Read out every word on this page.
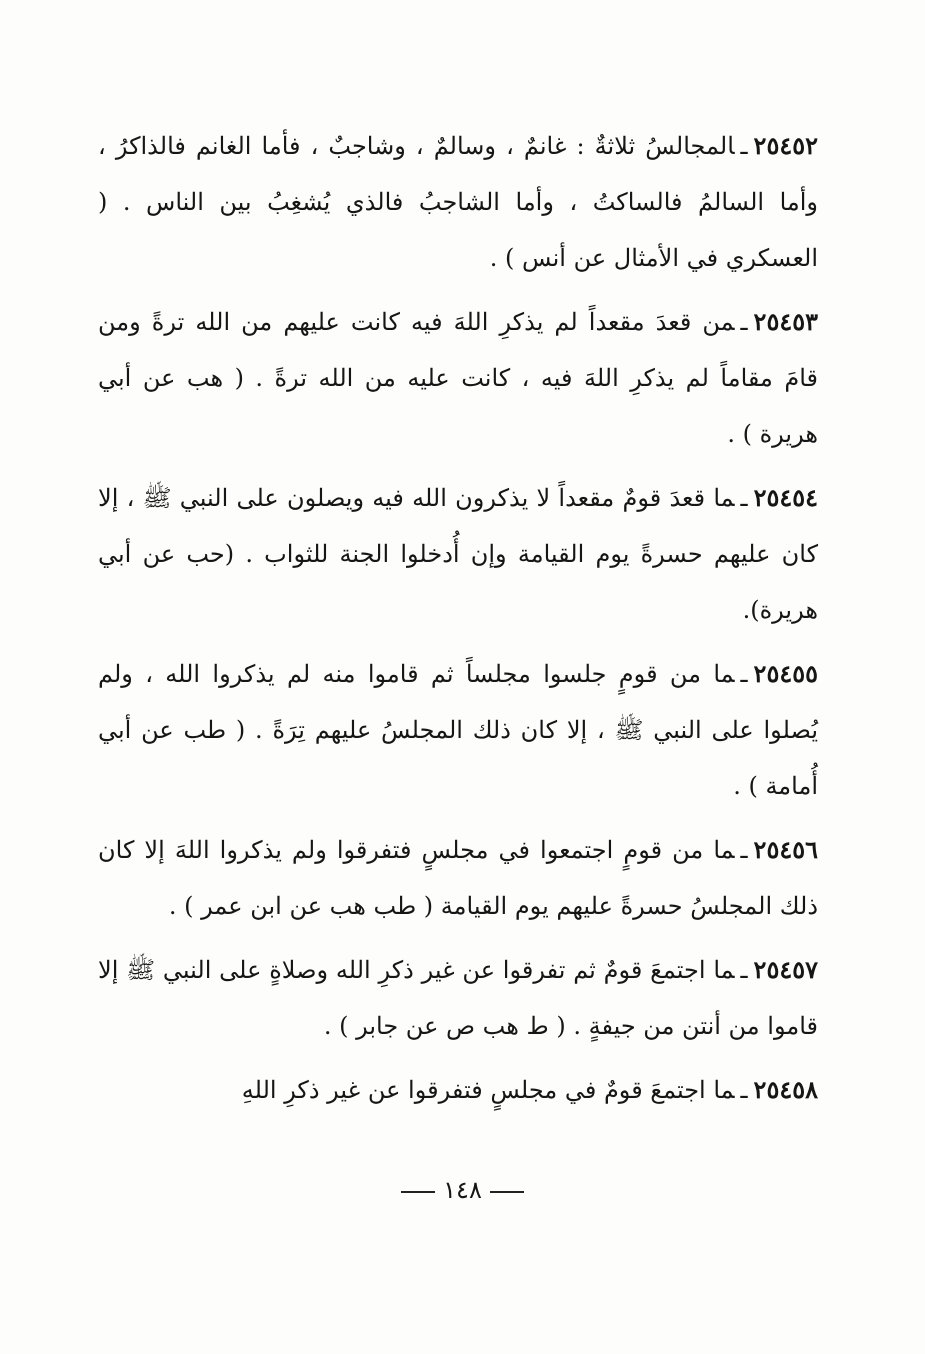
٢٥٤٥٢ـالمجالسُ ثلاثةٌ : غانمٌ ، وسالمٌ ، وشاجبٌ ، فأما الغانم فالذاكرُ ، وأما السالمُ فالساكتُ ، وأما الشاجبُ فالذي يُشغِبُ بين الناس . ( العسكري في الأمثال عن أنس ) .

٢٥٤٥٣ـمن قعدَ مقعداً لم يذكرِ اللهَ فيه كانت عليهم من الله ترةً ومن قامَ مقاماً لم يذكرِ اللهَ فيه ، كانت عليه من الله ترةً . ( هب عن أبي هريرة ) .

٢٥٤٥٤ـما قعدَ قومٌ مقعداً لا يذكرون الله فيه ويصلون على النبي ﷺ ، إلا كان عليهم حسرةً يوم القيامة وإن أُدخلوا الجنة للثواب . (حب عن أبي هريرة).

٢٥٤٥٥ـما من قومٍ جلسوا مجلساً ثم قاموا منه لم يذكروا الله ، ولم يُصلوا على النبي ﷺ ، إلا كان ذلك المجلسُ عليهم تِرَةً . ( طب عن أبي أُمامة ) .

٢٥٤٥٦ـما من قومٍ اجتمعوا في مجلسٍ فتفرقوا ولم يذكروا اللهَ إلا كان ذلك المجلسُ حسرةً عليهم يوم القيامة ( طب هب عن ابن عمر ) .

٢٥٤٥٧ـما اجتمعَ قومٌ ثم تفرقوا عن غير ذكرِ الله وصلاةٍ على النبي ﷺ إلا قاموا من أنتن من جيفةٍ . ( ط هب ص عن جابر ) .

٢٥٤٥٨ـما اجتمعَ قومٌ في مجلسٍ فتفرقوا عن غير ذكرِ اللهِ

١٤٨
